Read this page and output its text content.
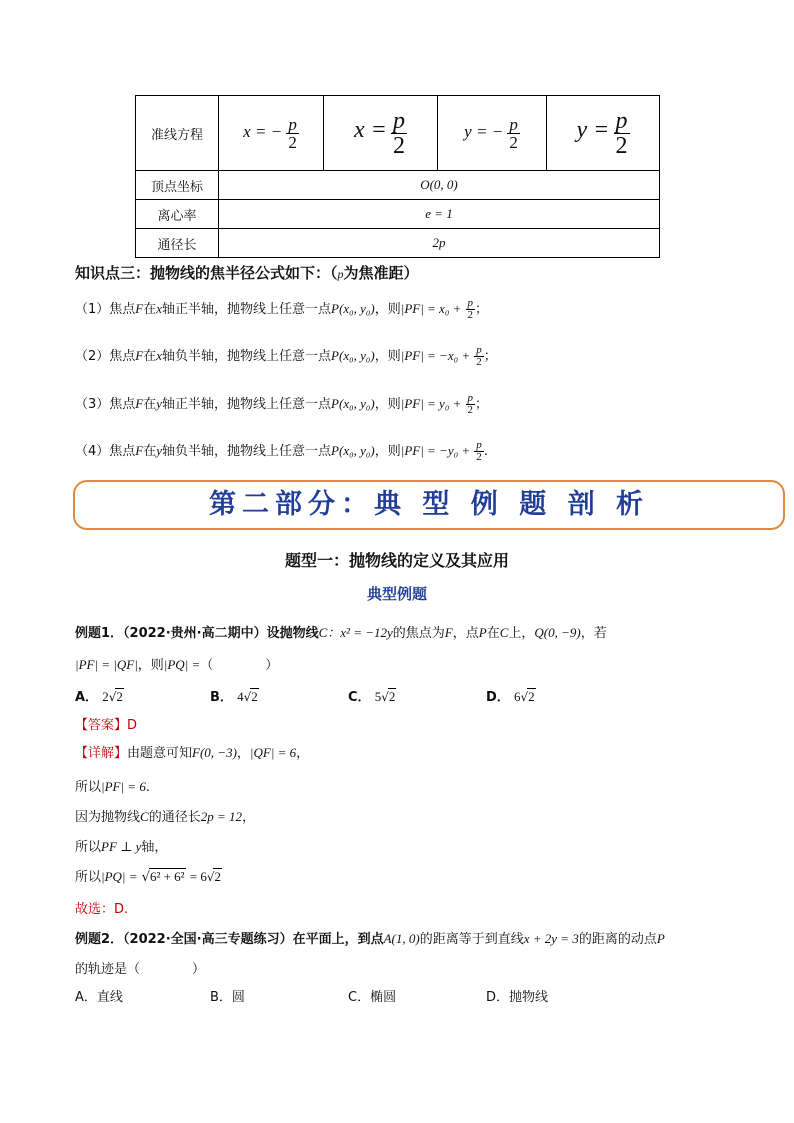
准线方程	x = − $\frac{p}{2}$	$x = \frac{p}{2}$	y = − $\frac{p}{2}$	$y = \frac{p}{2}$

顶点坐标	O(0, 0)			
离心率	e = 1			
通径长	2p			
知识点三：抛物线的焦半径公式如下：（p为焦准距）
（1）焦点F在x轴正半轴，抛物线上任意一点P(x₀, y₀)，则$|PF| = x_0 + \frac{p}{2}$ ；
（2）焦点F在x轴负半轴，抛物线上任意一点P(x₀, y₀)，则$|PF| = -x_0 + \frac{p}{2}$ ；
（3）焦点F在y轴正半轴，抛物线上任意一点P(x₀, y₀)，则$|PF| = y_0 + \frac{p}{2}$ ；
（4）焦点F在y轴负半轴，抛物线上任意一点P(x₀, y₀)，则$|PF| = -y_0 + \frac{p}{2}$ .
第二部分：典 型 例 题 剖 析
题型一：抛物线的定义及其应用
典型例题
例题1．（2022·贵州·高二期中）设抛物线C：x² = −12y的焦点为F，点P在C上，Q(0, −9)，若
|PF| = |QF|，则|PQ| =（　　　　）
A． 2√2	B． 4√2	C． 5√2	D． 6√2
【答案】D
【详解】由题意可知F(0, −3)，|QF| = 6，
所以|PF| = 6.
因为抛物线C的通径长2p = 12，
所以PF ⊥ y轴，
所以|PQ| = √6² + 6² = 6√2
故选：D.
例题2．（2022·全国·高三专题练习）在平面上，到点A(1, 0)的距离等于到直线x + 2y = 3的距离的动点P
的轨迹是（　　　　）
A．直线	B．圆	C．椭圆	D．抛物线
